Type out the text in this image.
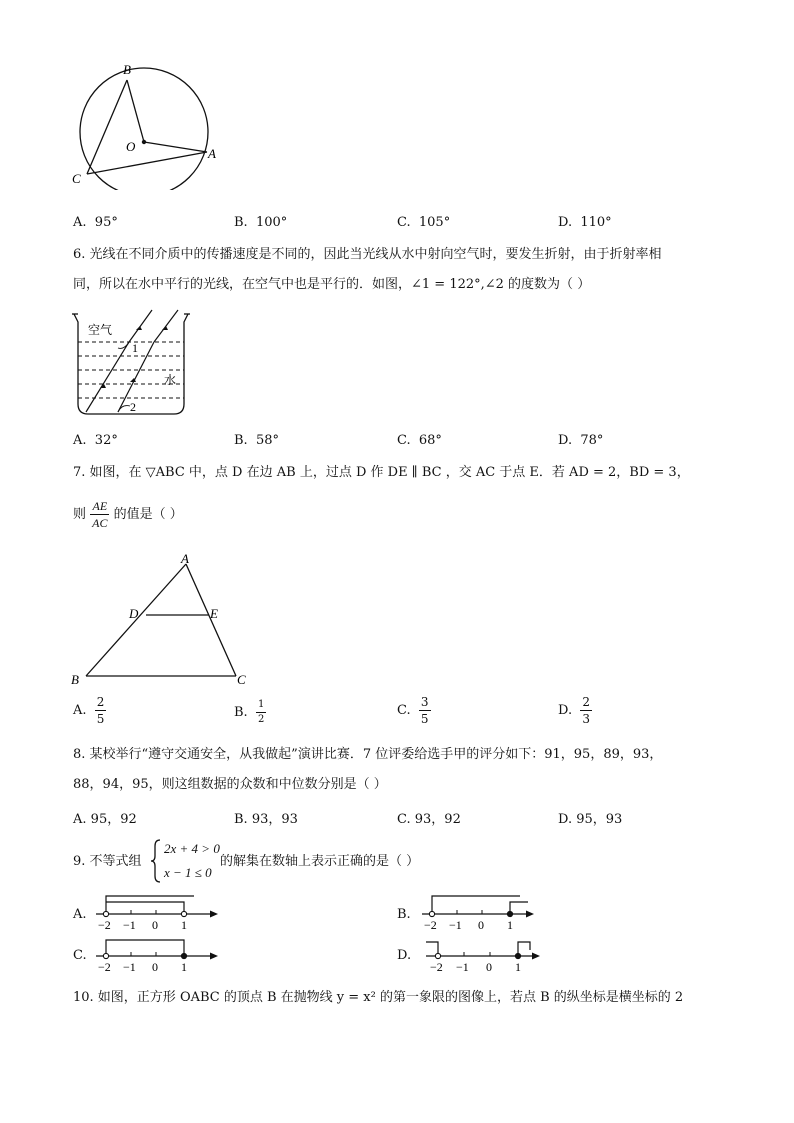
B
O	A
C
A. 95°	B. 100°	C. 105°	D. 110°
6. 光线在不同介质中的传播速度是不同的，因此当光线从水中射向空气时，要发生折射，由于折射率相
同，所以在水中平行的光线，在空气中也是平行的．如图，∠1 = 122°,∠2 的度数为（ ）
空气
水
1
2
A. 32°	B. 58°	C. 68°	D. 78°
7. 如图，在 ▽ABC 中，点 D 在边 AB 上，过点 D 作 DE ∥ BC ，交 AC 于点 E．若 AD = 2，BD = 3，
则 $\frac{AE}{AC}$ 的值是（ ）
A
D	E
B	C
A. $\frac{2}{5}$	B. $\frac{1}{2}$	C. $\frac{3}{5}$	D. $\frac{2}{3}$
8. 某校举行“遵守交通安全，从我做起”演讲比赛．7 位评委给选手甲的评分如下：91，95，89，93，
88，94，95，则这组数据的众数和中位数分别是（ ）
A. 95，92	B. 93，93	C. 93，92	D. 95，93
9. 不等式组
2x + 4 > 0
x − 1 ≤ 0
的解集在数轴上表示正确的是（ ）
A.
−2 −1 0 1
B.
−2 −1 0 1
C.
−2 −1 0 1
D.
−2 −1 0 1
10. 如图，正方形 OABC 的顶点 B 在抛物线 y = x² 的第一象限的图像上，若点 B 的纵坐标是横坐标的 2
